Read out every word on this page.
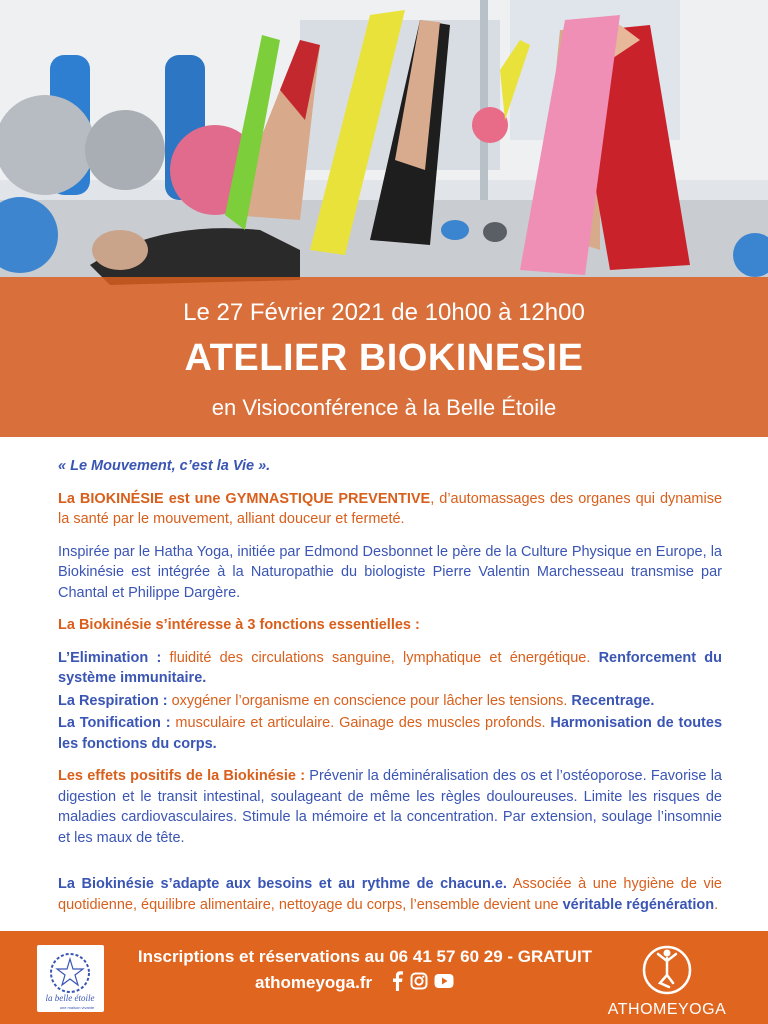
Le 27 Février 2021 de 10h00 à 12h00
ATELIER BIOKINESIE
en Visioconférence à la Belle Étoile

« Le Mouvement, c’est la Vie ».

La BIOKINÉSIE est une GYMNASTIQUE PREVENTIVE, d’automassages des organes qui dynamise la santé par le mouvement, alliant douceur et fermeté.

Inspirée par le Hatha Yoga, initiée par Edmond Desbonnet le père de la Culture Physique en Europe, la Biokinésie est intégrée à la Naturopathie du biologiste Pierre Valentin Marchesseau transmise par Chantal et Philippe Dargère.

La Biokinésie s’intéresse à 3 fonctions essentielles :

L’Elimination : fluidité des circulations sanguine, lymphatique et énergétique. Renforcement du système immunitaire.

La Respiration : oxygéner l’organisme en conscience pour lâcher les tensions. Recentrage.

La Tonification : musculaire et articulaire. Gainage des muscles profonds. Harmonisation de toutes les fonctions du corps.

Les effets positifs de la Biokinésie : Prévenir la déminéralisation des os et l’ostéoporose. Favorise la digestion et le transit intestinal, soulageant de même les règles douloureuses. Limite les risques de maladies cardiovasculaires. Stimule la mémoire et la concentration. Par extension, soulage l’insomnie et les maux de tête.

La Biokinésie s’adapte aux besoins et au rythme de chacun.e. Associée à une hygiène de vie quotidienne, équilibre alimentaire, nettoyage du corps, l’ensemble devient une véritable régénération.

Inscriptions et réservations au 06 41 57 60 29 - GRATUIT
athomeyoga.fr
ATHOMEYOGA
la belle étoile
une maison vivante
